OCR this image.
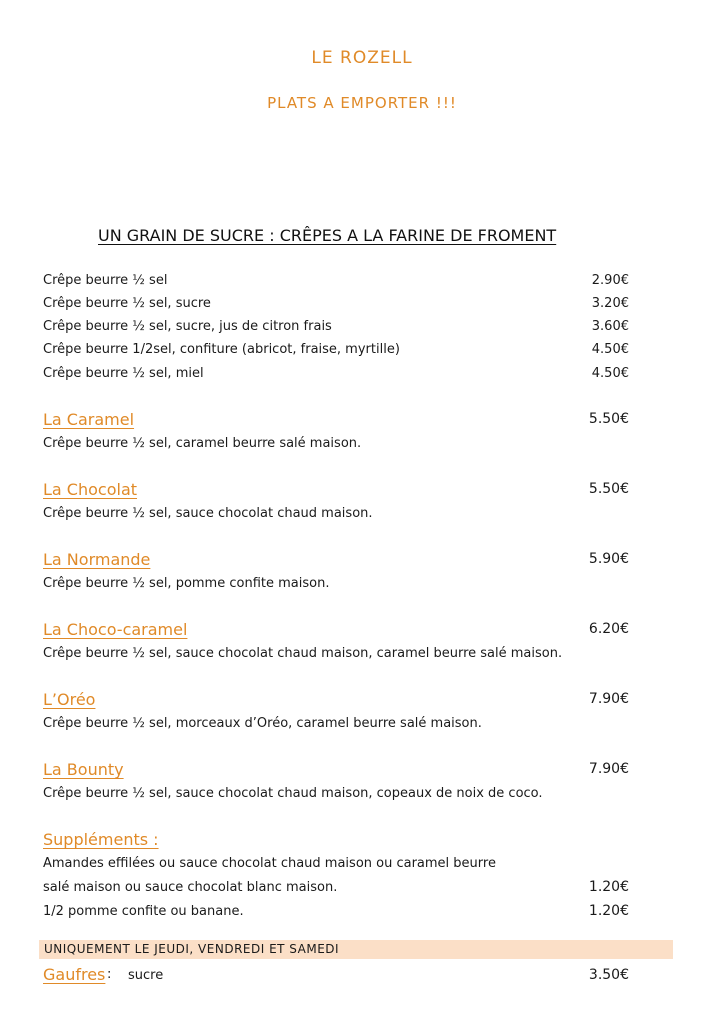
LE ROZELL
PLATS A EMPORTER !!!
UN GRAIN DE SUCRE : CRÊPES A LA FARINE DE FROMENT
Crêpe beurre ½ sel	2.90€
Crêpe beurre ½ sel, sucre	3.20€
Crêpe beurre ½ sel, sucre, jus de citron frais	3.60€
Crêpe beurre 1/2sel, confiture (abricot, fraise, myrtille)	4.50€
Crêpe beurre ½ sel, miel	4.50€
La Caramel	5.50€
Crêpe beurre ½ sel, caramel beurre salé maison.
La Chocolat	5.50€
Crêpe beurre ½ sel, sauce chocolat chaud maison.
La Normande	5.90€
Crêpe beurre ½ sel, pomme confite maison.
La Choco-caramel	6.20€
Crêpe beurre ½ sel, sauce chocolat chaud maison, caramel beurre salé maison.
L’Oréo	7.90€
Crêpe beurre ½ sel, morceaux d’Oréo, caramel beurre salé maison.
La Bounty	7.90€
Crêpe beurre ½ sel, sauce chocolat chaud maison, copeaux de noix de coco.
Suppléments :
Amandes effilées ou sauce chocolat chaud maison ou caramel beurre
salé maison ou sauce chocolat blanc maison.	1.20€
1/2 pomme confite ou banane.	1.20€
UNIQUEMENT LE JEUDI, VENDREDI ET SAMEDI
Gaufres : sucre	3.50€
